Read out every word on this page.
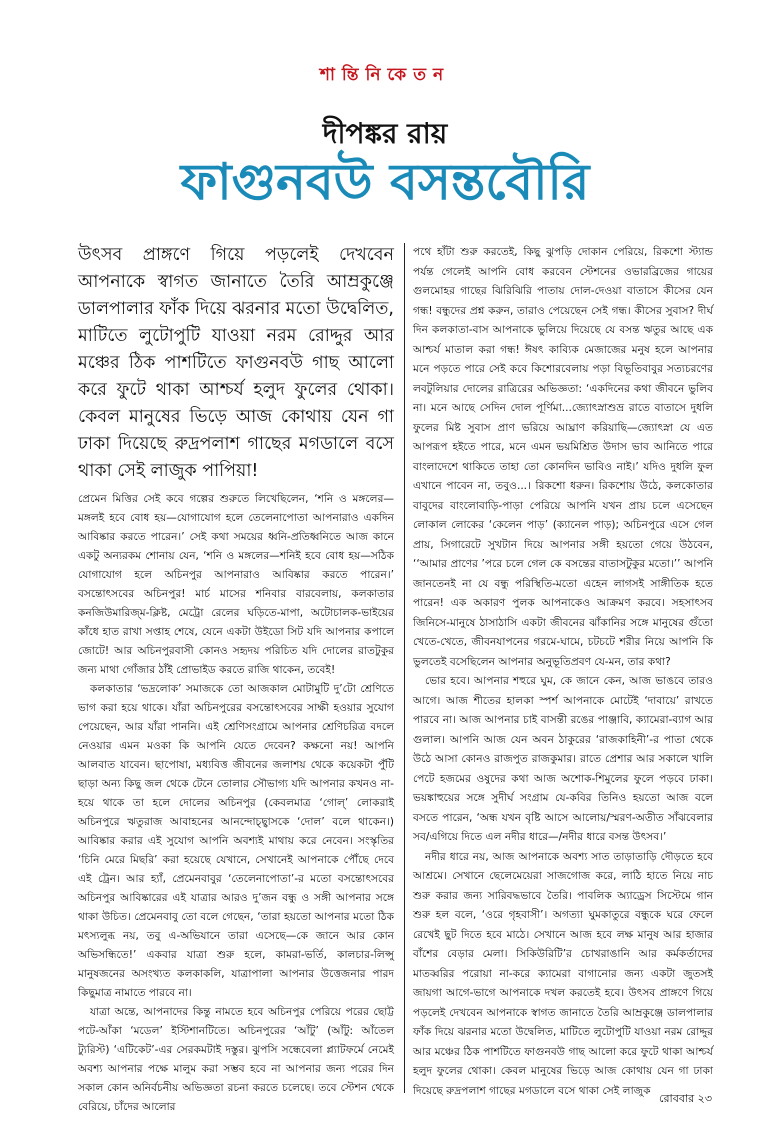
শান্তিনিকেতন
দীপঙ্কর রায়
ফাগুনবউ বসন্তবৌরি
উৎসব প্রাঙ্গণে গিয়ে পড়লেই দেখবেন আপনাকে স্বাগত জানাতে তৈরি আম্রকুঞ্জে ডালপালার ফাঁক দিয়ে ঝরনার মতো উদ্বেলিত, মাটিতে লুটোপুটি যাওয়া নরম রোদ্দুর আর মঞ্চের ঠিক পাশটিতে ফাগুনবউ গাছ আলো করে ফুটে থাকা আশ্চর্য হলুদ ফুলের থোকা। কেবল মানুষের ভিড়ে আজ কোথায় যেন গা ঢাকা দিয়েছে রুদ্রপলাশ গাছের মগডালে বসে থাকা সেই লাজুক পাপিয়া!

প্রেমেন মিত্তির সেই কবে গল্পের শুরুতে লিখেছিলেন, ‘শনি ও মঙ্গলের—মঙ্গলই হবে বোধ হয়—যোগাযোগ হলে তেলেনাপোতা আপনারাও একদিন আবিষ্কার করতে পারেন।’ সেই কথা সময়ের ধ্বনি-প্রতিধ্বনিতে আজ কানে একটু অন্যরকম শোনায় যেন, ‘শনি ও মঙ্গলের—শনিই হবে বোধ হয়—সঠিক যোগাযোগ হলে অচিনপুর আপনারাও আবিষ্কার করতে পারেন।’ বসন্তোৎসবের অচিনপুর! মার্চ মাসের শনিবার বারবেলায়, কলকাতার কনজিউমারিজ্‌ম-ক্লিষ্ট, মেট্রো রেলের ঘড়িতে-মাপা, অটোচালক-ভাইয়ের কাঁধে হাত রাখা সপ্তাহ শেষে, যেনে একটা উইডো সিট যদি আপনার কপালে জোটে! আর অচিনপুরবাসী কোনও সহৃদয় পরিচিত যদি দোলের রাতটুকুর জন্য মাথা গোঁজার ঠাঁই প্রোভাইড করতে রাজি থাকেন, তবেই!

কলকাতার ‘ভদ্রলোক’ সমাজকে তো আজকাল মোটামুটি দু’টো শ্রেণিতে ভাগ করা হয়ে থাকে। যাঁরা অচিনপুরের বসন্তোৎসবের সাক্ষী হওয়ার সুযোগ পেয়েছেন, আর যাঁরা পাননি। এই শ্রেণিসংগ্রামে আপনার শ্রেণিচরিত্র বদলে নেওয়ার এমন মওকা কি আপনি যেতে দেবেন? কক্ষনো নয়! আপনি আলবাত যাবেন। ছাপোষা, মধ্যবিত্ত জীবনের জলাশয় থেকে কয়েকটা পুঁটি ছাড়া অন্য কিছু জল থেকে টেনে তোলার সৌভাগ্য যদি আপনার কখনও না-হয়ে থাকে তা হলে দোলের অচিনপুর (কেবলমাত্র ‘গোল্‌’ লোকরাই অচিনপুরে ঋতুরাজ আবাহনের আনন্দোচ্ছ্বাসকে ‘দোল’ বলে থাকেন।) আবিষ্কার করার এই সুযোগ আপনি অবশ্যই মাথায় করে নেবেন। সংস্কৃতির ‘চিনি মেরে মিছরি’ করা হয়েছে যেখানে, সেখানেই আপনাকে পৌঁছে দেবে এই ট্রেন। আর হ্যাঁ, প্রেমেনবাবুর ‘তেলেনাপোতা’-র মতো বসন্তোৎসবের অচিনপুর আবিষ্কারের এই যাত্রার আরও দু’জন বন্ধু ও সঙ্গী আপনার সঙ্গে থাকা উচিত। প্রেমেনবাবু তো বলে গেছেন, ‘তারা হয়তো আপনার মতো ঠিক মৎস্যলুব্ধ নয়, তবু এ-অভিযানে তারা এসেছে—কে জানে আর কোন অভিসন্ধিতে!’ একবার যাত্রা শুরু হলে, কামরা-ভর্তি, কালচার-লিপ্সু মানুষজনের অসংখ্যত কলকাকলি, যাত্রাপালা আপনার উত্তেজনার পারদ কিছুমাত্র নামাতে পারবে না।

যাত্রা অন্তে, আপনাদের কিন্তু নামতে হবে অচিনপুর পেরিয়ে পরের ছোট্ট পটে-আঁকা ‘মডেল’ ইস্টিশানটিতে। অচিনপুরের ‘আঁটু’ (আঁটু: আঁতেল ট্যুরিস্ট) ‘এটিকেট’-এর সেরকমটাই দস্তুর। ঝুপসি সন্ধেবেলা প্ল্যাটফর্মে নেমেই অবশ্য আপনার পক্ষে মালুম করা সম্ভব হবে না আপনার জন্য পরের দিন সকাল কোন অনির্বচনীয় অভিজ্ঞতা রচনা করতে চলেছে। তবে স্টেশন থেকে বেরিয়ে, চাঁদের আলোর

পথে হাঁটা শুরু করতেই, কিছু ঝুপড়ি দোকান পেরিয়ে, রিকশো স্ট্যান্ড পর্যন্ত গেলেই আপনি বোধ করবেন স্টেশনের ওভারব্রিজের গায়ের গুলমোহর গাছের ঝিরিঝিরি পাতায় দোল-দেওয়া বাতাসে কীসের যেন গন্ধ! বন্ধুদের প্রশ্ন করুন, তারাও পেয়েছেন সেই গন্ধ। কীসের সুবাস? দীর্ঘ দিন কলকাতা-বাস আপনাকে ভুলিয়ে দিয়েছে যে বসন্ত ঋতুর আছে এক আশ্চর্য মাতাল করা গন্ধ! ঈষৎ কাব্যিক মেজাজের মনুষ হলে আপনার মনে পড়তে পারে সেই কবে কিশোরবেলায় পড়া বিভূতিবাবুর সত্যচরণের লবটুলিয়ার দোলের রাত্রিরের অভিজ্ঞতা: ‘একদিনের কথা জীবনে ভুলিব না। মনে আছে সেদিন দোল পূর্ণিমা...জ্যোৎস্নাশুভ্র রাতে বাতাসে দুধলি ফুলের মিষ্ট সুবাস প্রাণ ভরিয়ে আঘ্রাণ করিয়াছি—জ্যোৎস্না যে এত আপরূপ হইতে পারে, মনে এমন ভয়মিশ্রিত উদাস ভাব আনিতে পারে বাংলাদেশে থাকিতে তাহা তো কোনদিন ভাবিও নাই।’ যদিও দুধলি ফুল এখানে পাবেন না, তবুও...। রিকশো ধরুন। রিকশোয় উঠে, কলকোতার বাবুদের বাংলোবাড়ি-পাড়া পেরিয়ে আপনি যখন প্রায় চলে এসেছেন লোকাল লোকের ‘কেলেন পাড়’ (ক্যানেল পাড়); অচিনপুরে এসে গেল প্রায়, সিগারেটে সুখটান দিয়ে আপনার সঙ্গী হয়তো গেয়ে উঠবেন, ‘‘আমার প্রাণের ’পরে চলে গেল কে বসন্তের বাতাসটুকুর মতো।’’ আপনি জানতেনই না যে বন্ধু পরিস্থিতি-মতো এহেন লাগসই সাঙ্গীতিক হতে পারেন! এক অকারণ পুলক আপনাকেও আক্রমণ করবে। সহসাৎসব জিনিসে-মানুষে ঠাসাঠাসি একটা জীবনের ঝাঁকানির সঙ্গে মানুষের গুঁতো খেতে-খেতে, জীবনযাপনের গরমে-ঘামে, চটচটে শরীর নিয়ে আপনি কি ভুলতেই বসেছিলেন আপনার অনুভূতিপ্রবণ যে-মন, তার কথা?

ভোর হবে। আপনার শহুরে ঘুম, কে জানে কেন, আজ ভাঙবে তারও আগে। আজ শীতের হালকা স্পর্শ আপনাকে মোটেই ‘দাবায়ে’ রাখতে পারবে না। আজ আপনার চাই বাসন্তী রঙের পাঞ্জাবি, ক্যামেরা-ব্যাগ আর গুলাল। আপনি আজ যেন অবন ঠাকুরের ‘রাজকাহিনী’-র পাতা থেকে উঠে আসা কোনও রাজপুত রাজকুমার। রাতে প্রেশার আর সকালে খালি পেটে হজমের ওষুদের কথা আজ অশোক-শিমুলের ফুলে পড়বে ঢাকা। ভয়ঙ্কাহুয়ের সঙ্গে সুদীর্ঘ সংগ্রাম যে-কবির তিনিও হয়তো আজ বলে বসতে পারেন, ‘অন্ধ যখন বৃষ্টি আসে আলোয়/স্মরণ-অতীত সাঁঝবেলার সব/এগিয়ে দিতে এল নদীর ধারে—/নদীর ধারে বসন্ত উৎসব।’

নদীর ধারে নয়, আজ আপনাকে অবশ্য সাত তাড়াতাড়ি দৌড়তে হবে আশ্রমে। সেখানে ছেলেমেয়েরা সাজগোজ করে, লাঠি হাতে নিয়ে নাচ শুরু করার জন্য সারিবদ্ধভাবে তৈরি। পাবলিক অ্যাড্রেস সিস্টেমে গান শুরু হল বলে, ‘ওরে গৃহবাসী’। অগত্যা ঘুমকাতুরে বন্ধুকে ঘরে ফেলে রেখেই ছুট দিতে হবে মাঠে। সেখানে আজ হবে লক্ষ মানুষ আর হাজার বাঁশের বেড়ার মেলা। সিকিউরিটি’র চোখরাঙানি আর কর্মকর্তাদের মাতব্বরির পরোয়া না-করে ক্যামেরা বাগানোর জন্য একটা জুতসই জায়গা আগে-ভাগে আপনাকে দখল করতেই হবে। উৎসব প্রাঙ্গণে গিয়ে পড়লেই দেখবেন আপনাকে স্বাগত জানাতে তৈরি আম্রকুঞ্জে ডালপালার ফাঁক দিয়ে ঝরনার মতো উদ্বেলিত, মাটিতে লুটোপুটি যাওয়া নরম রোদ্দুর আর মঞ্চের ঠিক পাশটিতে ফাগুনবউ গাছ আলো করে ফুটে থাকা আশ্চর্য হলুদ ফুলের থোকা। কেবল মানুষের ভিড়ে আজ কোথায় যেন গা ঢাকা দিয়েছে রুদ্রপলাশ গাছের মগডালে বসে থাকা সেই লাজুক

রোববার ২৩
